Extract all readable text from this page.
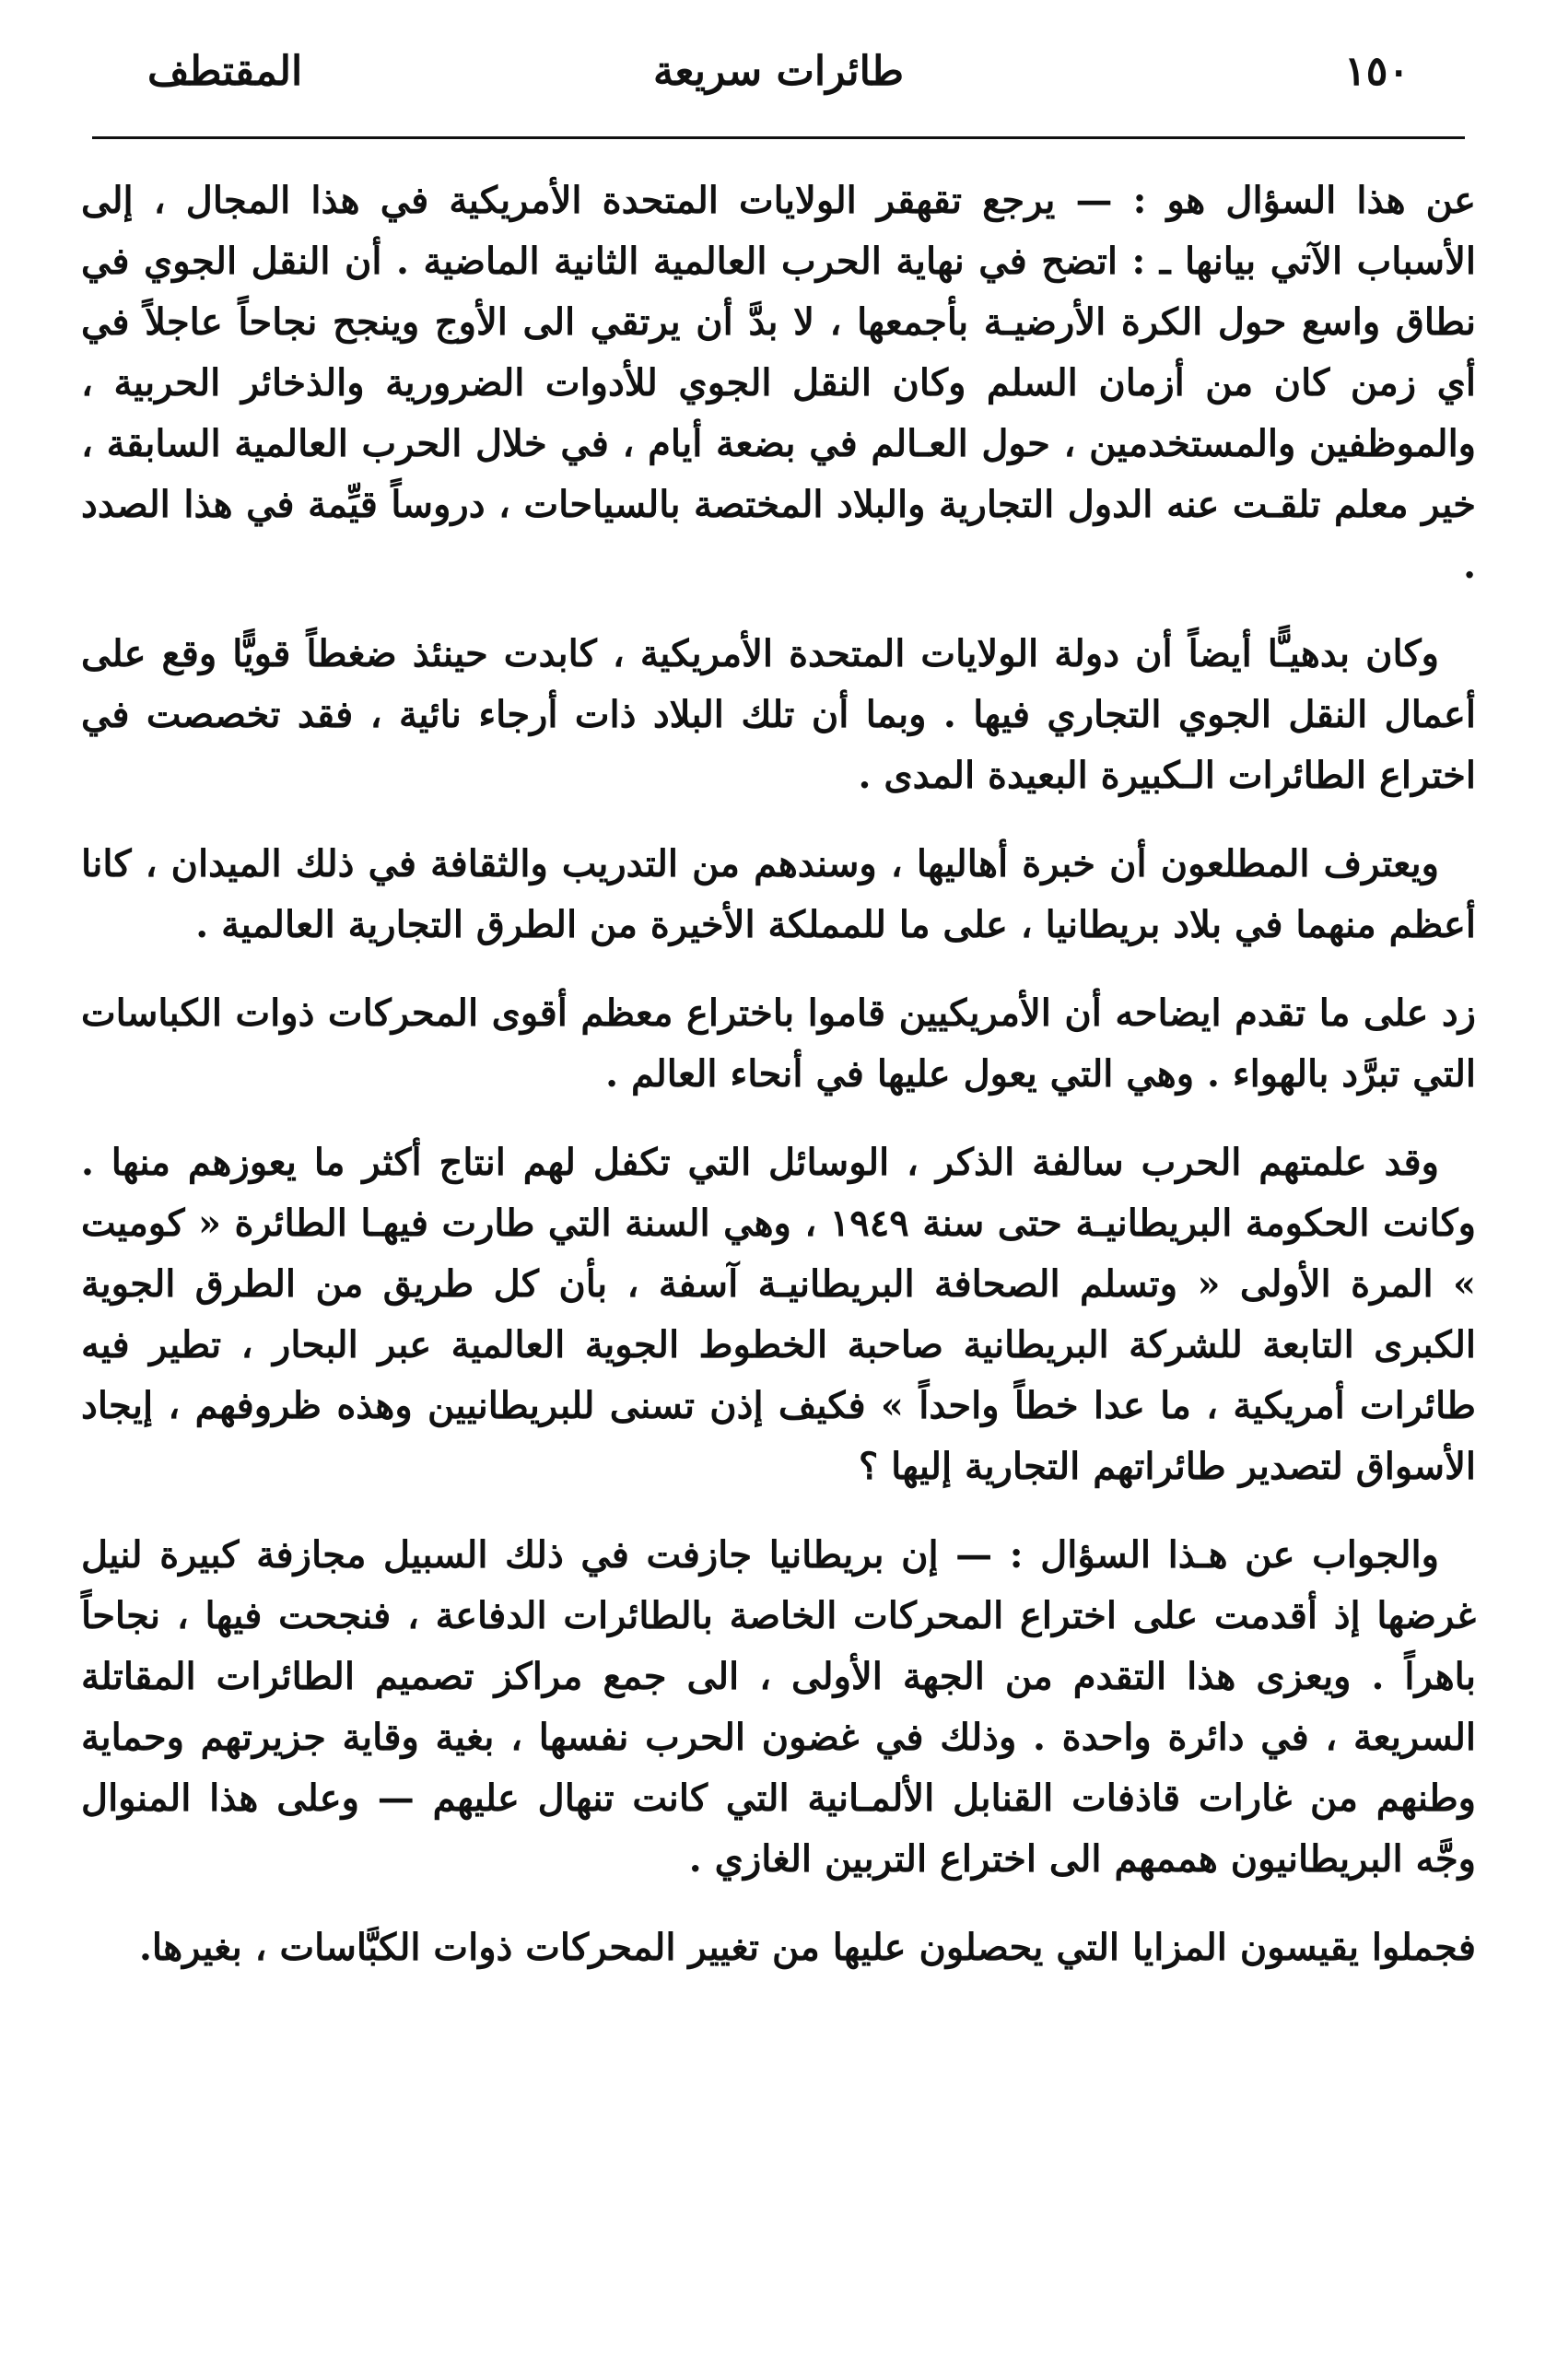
١٥٠
طائرات سريعة
المقتطف

عن هذا السؤال هو : — يرجع تقهقر الولايات المتحدة الأمريكية في هذا المجال ، إلى الأسباب الآتي بيانها ـ : اتضح في نهاية الحرب العالمية الثانية الماضية . أن النقل الجوي في نطاق واسع حول الكرة الأرضيـة بأجمعها ، لا بدَّ أن يرتقي الى الأوج وينجح نجاحاً عاجلاً في أي زمن كان من أزمان السلم وكان النقل الجوي للأدوات الضرورية والذخائر الحربية ، والموظفين والمستخدمين ، حول العـالم في بضعة أيام ، في خلال الحرب العالمية السابقة ، خير معلم تلقـت عنه الدول التجارية والبلاد المختصة بالسياحات ، دروساً قيِّمة في هذا الصدد .

وكان بدهيـًّا أيضاً أن دولة الولايات المتحدة الأمريكية ، كابدت حينئذ ضغطاً قويًّا وقع على أعمال النقل الجوي التجاري فيها . وبما أن تلك البلاد ذات أرجاء نائية ، فقد تخصصت في اختراع الطائرات الـكبيرة البعيدة المدى .

ويعترف المطلعون أن خبرة أهاليها ، وسندهم من التدريب والثقافة في ذلك الميدان ، كانا أعظم منهما في بلاد بريطانيا ، على ما للمملكة الأخيرة من الطرق التجارية العالمية .

زد على ما تقدم ايضاحه أن الأمريكيين قاموا باختراع معظم أقوى المحركات ذوات الكباسات التي تبرَّد بالهواء . وهي التي يعول عليها في أنحاء العالم .

وقد علمتهم الحرب سالفة الذكر ، الوسائل التي تكفل لهم انتاج أكثر ما يعوزهم منها . وكانت الحكومة البريطانيـة حتى سنة ١٩٤٩ ، وهي السنة التي طارت فيهـا الطائرة « كوميت » المرة الأولى « وتسلم الصحافة البريطانيـة آسفة ، بأن كل طريق من الطرق الجوية الكبرى التابعة للشركة البريطانية صاحبة الخطوط الجوية العالمية عبر البحار ، تطير فيه طائرات أمريكية ، ما عدا خطاً واحداً » فكيف إذن تسنى للبريطانيين وهذه ظروفهم ، إيجاد الأسواق لتصدير طائراتهم التجارية إليها ؟

والجواب عن هـذا السؤال : — إن بريطانيا جازفت في ذلك السبيل مجازفة كبيرة لنيل غرضها إذ أقدمت على اختراع المحركات الخاصة بالطائرات الدفاعة ، فنجحت فيها ، نجاحاً باهراً . ويعزى هذا التقدم من الجهة الأولى ، الى جمع مراكز تصميم الطائرات المقاتلة السريعة ، في دائرة واحدة . وذلك في غضون الحرب نفسها ، بغية وقاية جزيرتهم وحماية وطنهم من غارات قاذفات القنابل الألمـانية التي كانت تنهال عليهم — وعلى هذا المنوال وجَّه البريطانيون هممهم الى اختراع التربين الغازي .

فجملوا يقيسون المزايا التي يحصلون عليها من تغيير المحركات ذوات الكبَّاسات ، بغيرها.
